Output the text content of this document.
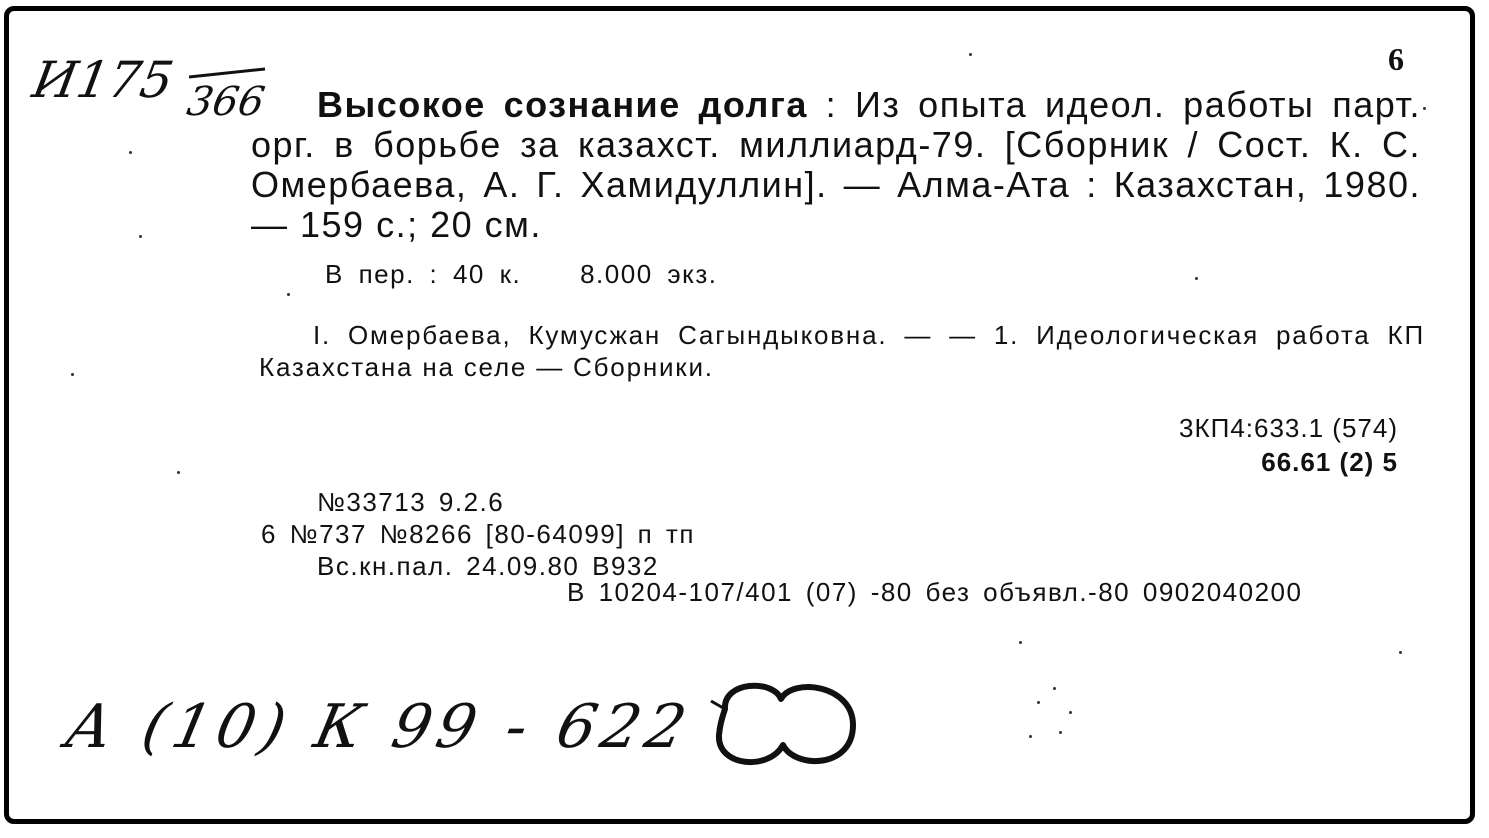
И175 366
6
Высокое сознание долга : Из опыта идеол. работы парт. орг. в борьбе за казахст. миллиард-79. [Сборник / Сост. К. С. Омербаева, А. Г. Хамидуллин]. — Алма-Ата : Казахстан, 1980. — 159 с.; 20 см.
В пер. : 40 к.    8.000 экз.
I. Омербаева, Кумусжан Сагындыковна. — — 1. Идеологическая работа КП Казахстана на селе — Сборники.
3КП4:633.1 (574)
66.61 (2) 5
№33713 9.2.6
6 №737 №8266 [80-64099] п тп
Вс.кн.пал. 24.09.80 В932
В 10204-107/401 (07) -80 без объявл.-80 0902040200
А (10) К 99 - 622
